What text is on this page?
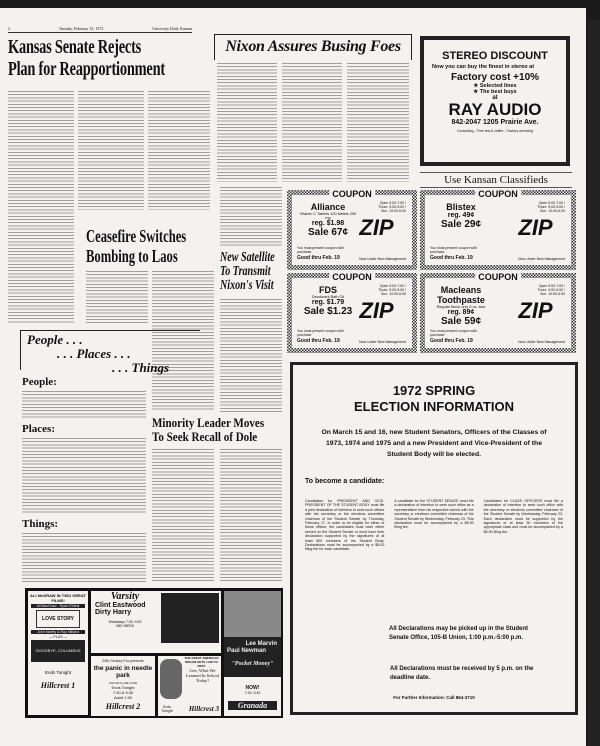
2	Tuesday, February 15, 1972	University Daily Kansan
Kansas Senate Rejects
Plan for Reapportionment
Nixon Assures Busing Foes
Ceasefire Switches
Bombing to Laos	New Satellite
To Transmit
Nixon's Visit
People . . .
. . . Places . . .
. . . Things
People:
Places:
Things:
Minority Leader Moves
To Seek Recall of Dole
STEREO DISCOUNT
Now you can buy the finest in stereo at
Factory cost +10%
★ Selected lines
★ The best buys
at
RAY AUDIO
842-2047 1205 Prairie Ave.
Consulting - Free tea & coffee - Factory servicing
Use Kansan Classifieds
COUPON
Alliance
Vitamin C Tablets 100 tablets 250 mg
reg. $1.98
Sale 67¢
You must present coupon with purchase
Good thru Feb. 19
Open 9:00-7:00 / Thurs. 9:00-9:00 / Sun. 10:00-6:00
ZIP
Now Under New Management
COUPON
Blistex
reg. 49¢
Sale 29¢
You must present coupon with purchase
Good thru Feb. 19
Open 9:00-7:00 / Thurs. 9:00-9:00 / Sun. 10:00-6:00
ZIP
Now Under New Management
COUPON
FDS
Deodorant Bath Oil
reg. $1.79
Sale $1.23
You must present coupon with purchase
Good thru Feb. 19
Open 9:00-7:00 / Thurs. 9:00-9:00 / Sun. 10:00-6:00
ZIP
Now Under New Management
COUPON
Macleans Toothpaste
Regular flavor only 5 oz. size
reg. 89¢
Sale 59¢
You must present coupon with purchase
Good thru Feb. 19
Open 9:00-7:00 / Thurs. 9:00-9:00 / Sun. 10:00-6:00
ZIP
Now Under New Management
1972 SPRING
ELECTION INFORMATION

On March 15 and 16, new Student Senators, Officers of the Classes of 1973, 1974 and 1975 and a new President and Vice-President of the Student Body will be elected.

To become a candidate:

Candidates for PRESIDENT AND VICE-PRESIDENT OF THE STUDENT BODY must file a joint declaration of intention to seek such offices with the secretary or the elections committee chairman of the Student Senate by Thursday, February 17. In order to be eligible for either of these offices, the candidates must have either served on the Student Senate or must have their declaration supported by the signatures of at least 500 members of the Student Body. Declarations must be accompanied by a $5.00 filing fee for each candidate.
A candidate for the STUDENT SENATE must file a declaration of intention to seek such office as a representative from his respective school with the secretary or elections committee chairman of the Student Senate by Wednesday, February 23. This declaration must be accompanied by a $5.00 filing fee.
Candidates for CLASS OFFICERS must file a declaration of intention to seek such office with the secretary or elections committee chairman of the Student Senate by Wednesday, February 23. Each declaration must be supported by the signatures of at least 50 members of the appropriate class and must be accompanied by a $5.00 filing fee.

All Declarations may be picked up in the Student Senate Office, 105-B Union, 1:00 p.m.-5:00 p.m.

All Declarations must be received by 5 p.m. on the deadline date.

For Further Information: Call 864-3710

ALI McGRAW IN TWO GREAT FILMS!
Ali MacGraw - Ryan O'Neal
LOVE STORY
John Marley & Ray Milland
— PLUS —
GOODBYE, COLUMBUS
Ends Tonight
Hillcrest 1
Varsity
Clint Eastwood
Dirty Harry
Weekdays 7:30, 9:30
2ND WEEK
20th Century Fox presents
the panic in needle park
COLOR by DE LUXE
Ends Tonight
7:30 & 9:30
Adult 1.50
Hillcrest 2
THE GREAT AMERICAN DREAM GETS LAID TO REST
Gee, What We Learned In School Today?
Ends Tonight	Hillcrest 3
Lee Marvin
Paul Newman
"Pocket Money"
NOW!
7:30, 9:30
Granada
